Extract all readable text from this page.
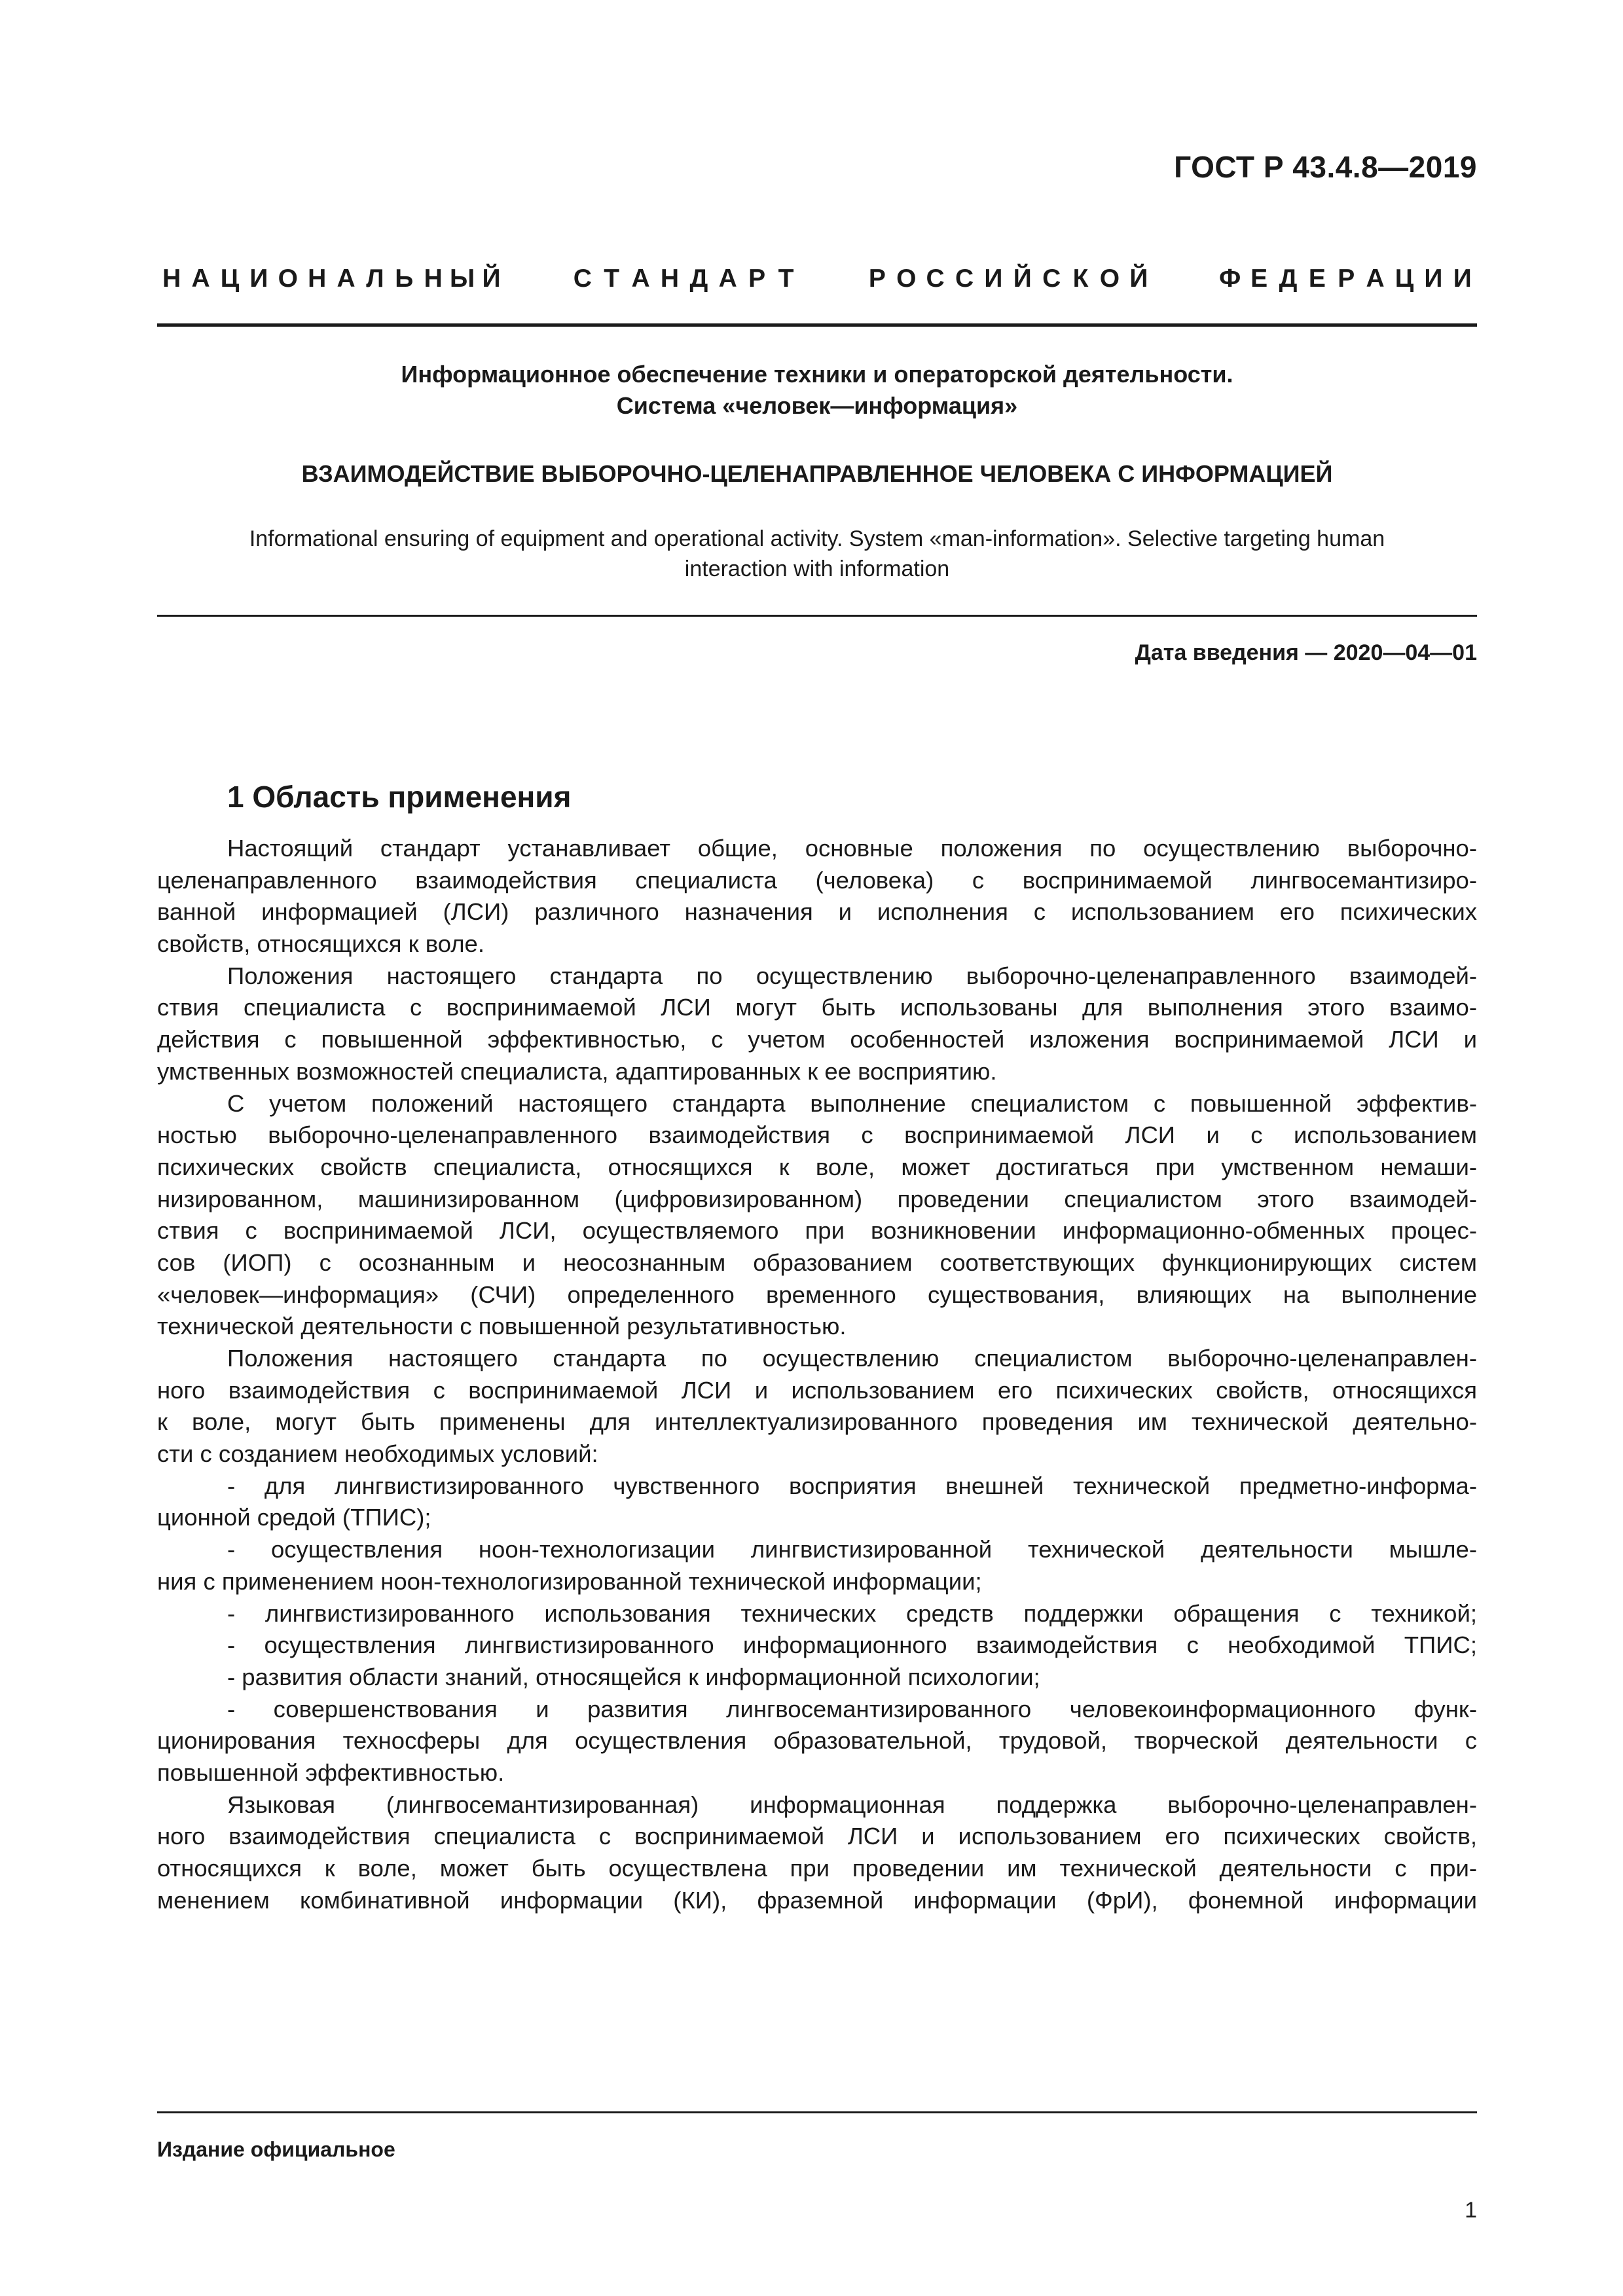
ГОСТ Р 43.4.8—2019
Н А Ц И О Н А Л Ь Н Ы Й	С Т А Н Д А Р Т	Р О С С И Й С К О Й	Ф Е Д Е Р А Ц И И
Информационное обеспечение техники и операторской деятельности.
Система «человек—информация»
ВЗАИМОДЕЙСТВИЕ ВЫБОРОЧНО-ЦЕЛЕНАПРАВЛЕННОЕ ЧЕЛОВЕКА С ИНФОРМАЦИЕЙ
Informational ensuring of equipment and operational activity. System «man-information». Selective targeting human
interaction with information
Дата введения — 2020—04—01
1 Область применения
Настоящий стандарт устанавливает общие, основные положения по осуществлению выборочно-
целенаправленного взаимодействия специалиста (человека) с воспринимаемой лингвосемантизиро-
ванной информацией (ЛСИ) различного назначения и исполнения с использованием его психических
свойств, относящихся к воле.
Положения настоящего стандарта по осуществлению выборочно-целенаправленного взаимодей-
ствия специалиста с воспринимаемой ЛСИ могут быть использованы для выполнения этого взаимо-
действия с повышенной эффективностью, с учетом особенностей изложения воспринимаемой ЛСИ и
умственных возможностей специалиста, адаптированных к ее восприятию.
С учетом положений настоящего стандарта выполнение специалистом с повышенной эффектив-
ностью выборочно-целенаправленного взаимодействия с воспринимаемой ЛСИ и с использованием
психических свойств специалиста, относящихся к воле, может достигаться при умственном немаши-
низированном, машинизированном (цифровизированном) проведении специалистом этого взаимодей-
ствия с воспринимаемой ЛСИ, осуществляемого при возникновении информационно-обменных процес-
сов (ИОП) с осознанным и неосознанным образованием соответствующих функционирующих систем
«человек—информация» (СЧИ) определенного временного существования, влияющих на выполнение
технической деятельности с повышенной результативностью.
Положения настоящего стандарта по осуществлению специалистом выборочно-целенаправлен-
ного взаимодействия с воспринимаемой ЛСИ и использованием его психических свойств, относящихся
к воле, могут быть применены для интеллектуализированного проведения им технической деятельно-
сти с созданием необходимых условий:
- для лингвистизированного чувственного восприятия внешней технической предметно-информа-
ционной средой (ТПИС);
- осуществления ноон-технологизации лингвистизированной технической деятельности мышле-
ния с применением ноон-технологизированной технической информации;
- лингвистизированного использования технических средств поддержки обращения с техникой;
- осуществления лингвистизированного информационного взаимодействия с необходимой ТПИС;
- развития области знаний, относящейся к информационной психологии;
- совершенствования и развития лингвосемантизированного человекоинформационного функ-
ционирования техносферы для осуществления образовательной, трудовой, творческой деятельности с
повышенной эффективностью.
Языковая (лингвосемантизированная) информационная поддержка выборочно-целенаправлен-
ного взаимодействия специалиста с воспринимаемой ЛСИ и использованием его психических свойств,
относящихся к воле, может быть осуществлена при проведении им технической деятельности с при-
менением комбинативной информации (КИ), фраземной информации (ФрИ), фонемной информации
Издание официальное
1
